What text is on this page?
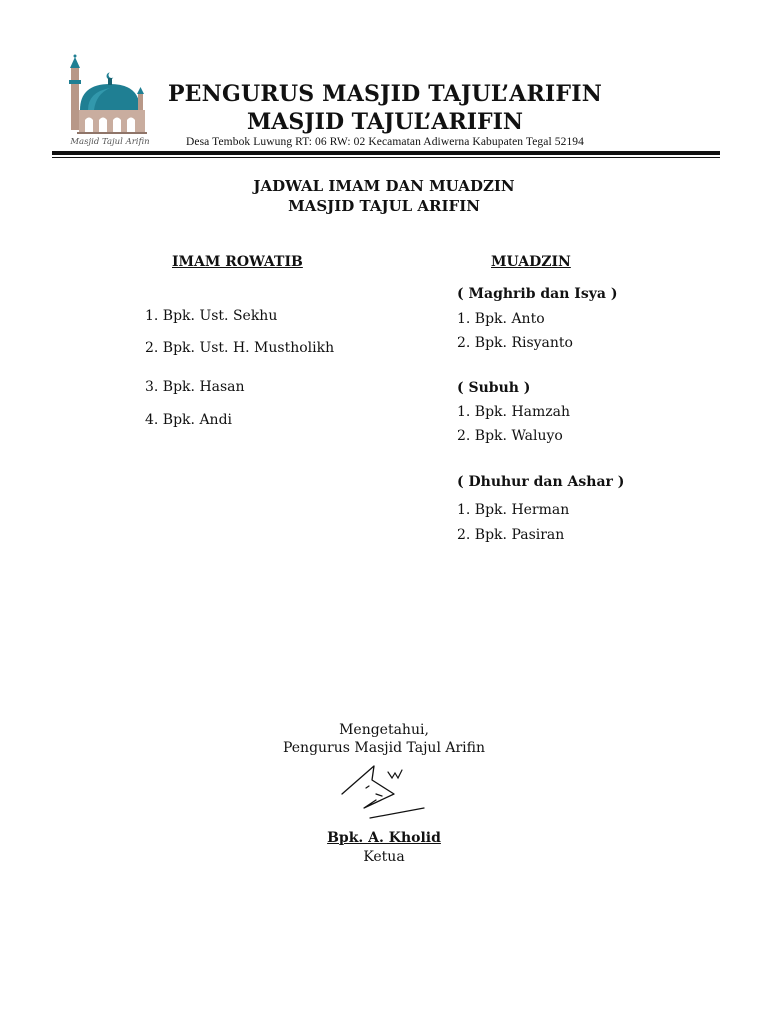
Masjid Tajul Arifin
PENGURUS MASJID TAJUL’ARIFIN
MASJID TAJUL’ARIFIN
Desa Tembok Luwung RT: 06 RW: 02 Kecamatan Adiwerna Kabupaten Tegal 52194
JADWAL IMAM DAN MUADZIN
MASJID TAJUL ARIFIN
IMAM ROWATIB
1. Bpk. Ust. Sekhu
2. Bpk. Ust. H. Mustholikh
3. Bpk. Hasan
4. Bpk. Andi
MUADZIN
( Maghrib dan Isya )
1. Bpk. Anto
2. Bpk. Risyanto
( Subuh )
1. Bpk. Hamzah
2. Bpk. Waluyo
( Dhuhur dan Ashar )
1. Bpk. Herman
2. Bpk. Pasiran
Mengetahui,
Pengurus Masjid Tajul Arifin
Bpk. A. Kholid
Ketua
